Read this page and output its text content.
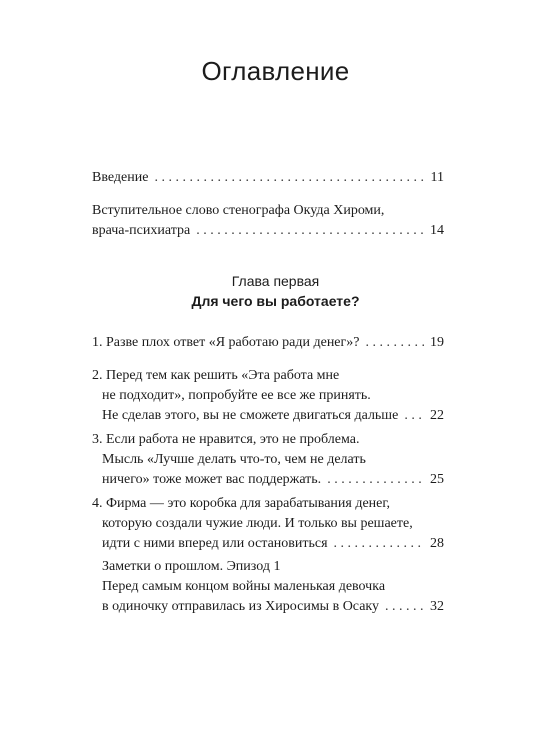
Оглавление
Введение . . .	11
Вступительное слово стенографа Окуда Хироми,
врача-психиатра . . .	14
Глава первая
Для чего вы работаете?
1. Разве плох ответ «Я работаю ради денег»? . . .	19
2. Перед тем как решить «Эта работа мне
не подходит», попробуйте ее все же принять.
Не сделав этого, вы не сможете двигаться дальше . . . 22
3. Если работа не нравится, это не проблема.
Мысль «Лучше делать что-то, чем не делать
ничего» тоже может вас поддержать. . . .	25
4. Фирма — это коробка для зарабатывания денег,
которую создали чужие люди. И только вы решаете,
идти с ними вперед или остановиться . . .	28
Заметки о прошлом. Эпизод 1
Перед самым концом войны маленькая девочка
в одиночку отправилась из Хиросимы в Осаку . . .	32
